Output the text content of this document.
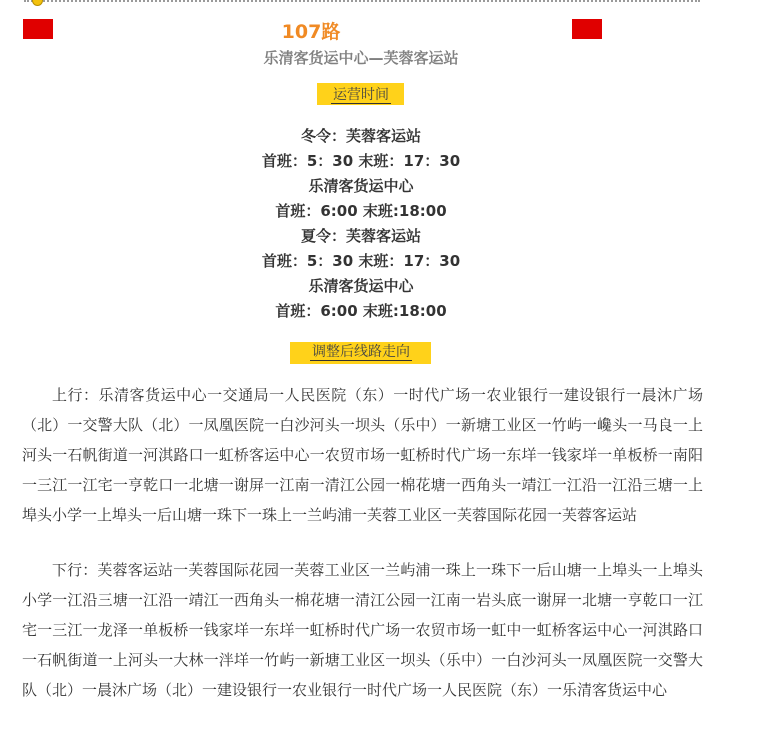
107路
乐清客货运中心—芙蓉客运站
运营时间
冬令：芙蓉客运站
首班：5：30 末班：17：30
乐清客货运中心
首班：6:00 末班:18:00
夏令：芙蓉客运站
首班：5：30 末班：17：30
乐清客货运中心
首班：6:00 末班:18:00
调整后线路走向
上行：乐清客货运中心一交通局一人民医院（东）一时代广场一农业银行一建设银行一晨沐广场（北）一交警大队（北）一凤凰医院一白沙河头一坝头（乐中）一新塘工业区一竹屿一巉头一马良一上河头一石帆街道一河淇路口一虹桥客运中心一农贸市场一虹桥时代广场一东垟一钱家垟一单板桥一南阳一三江一江宅一亨乾口一北塘一谢屏一江南一清江公园一棉花塘一西角头一靖江一江沿一江沿三塘一上埠头小学一上埠头一后山塘一珠下一珠上一兰屿浦一芙蓉工业区一芙蓉国际花园一芙蓉客运站
下行：芙蓉客运站一芙蓉国际花园一芙蓉工业区一兰屿浦一珠上一珠下一后山塘一上埠头一上埠头小学一江沿三塘一江沿一靖江一西角头一棉花塘一清江公园一江南一岩头底一谢屏一北塘一亨乾口一江宅一三江一龙泽一单板桥一钱家垟一东垟一虹桥时代广场一农贸市场一虹中一虹桥客运中心一河淇路口一石帆街道一上河头一大林一泮垟一竹屿一新塘工业区一坝头（乐中）一白沙河头一凤凰医院一交警大队（北）一晨沐广场（北）一建设银行一农业银行一时代广场一人民医院（东）一乐清客货运中心
